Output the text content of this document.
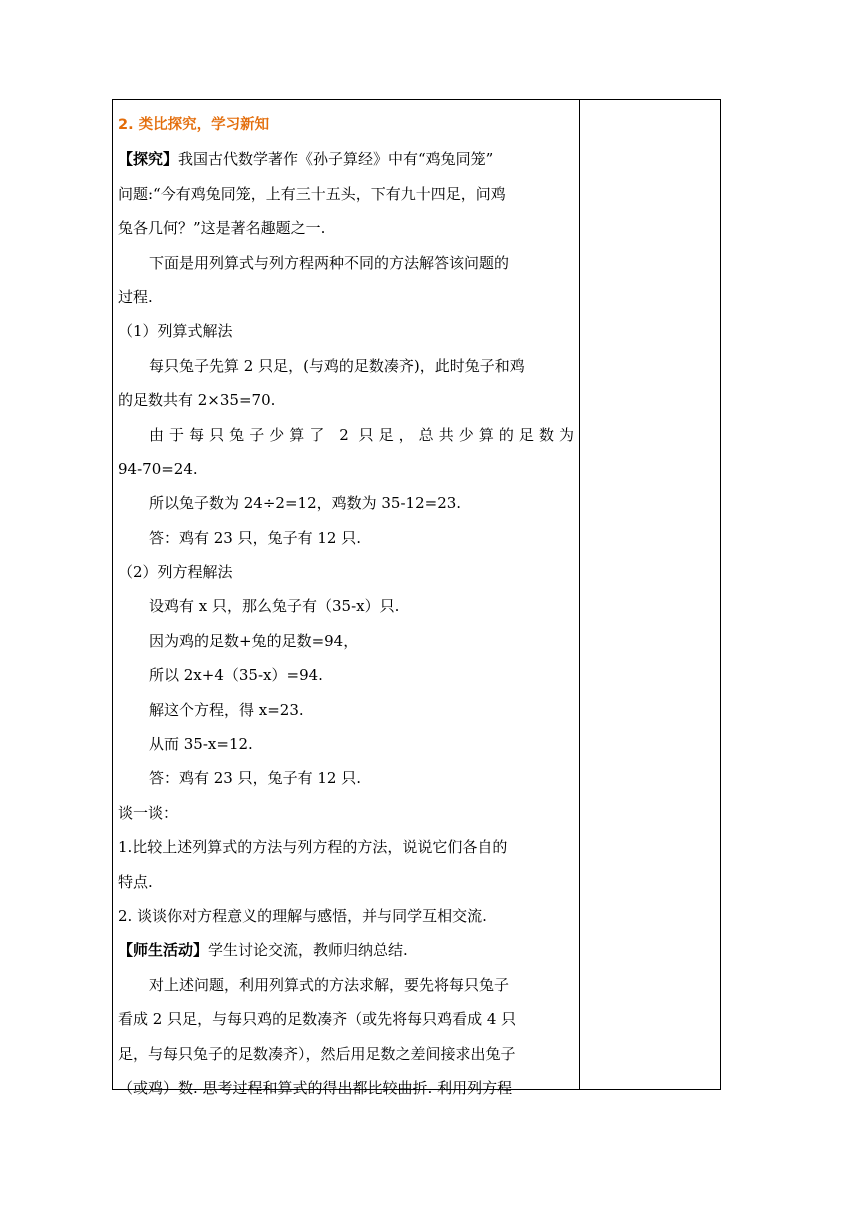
2. 类比探究，学习新知
【探究】我国古代数学著作《孙子算经》中有“鸡兔同笼”
问题:“今有鸡兔同笼，上有三十五头，下有九十四足，问鸡
兔各几何？”这是著名趣题之一.
下面是用列算式与列方程两种不同的方法解答该问题的
过程.
（1）列算式解法
每只兔子先算 2 只足，(与鸡的足数凑齐)，此时兔子和鸡
的足数共有 2×35=70.
由于每只兔子少算了 2 只足，总共少算的足数为
94-70=24.
所以兔子数为 24÷2=12，鸡数为 35-12=23.
答：鸡有 23 只，兔子有 12 只.
（2）列方程解法
设鸡有 x 只，那么兔子有（35-x）只.
因为鸡的足数+兔的足数=94，
所以 2x+4（35-x）=94.
解这个方程，得 x=23.
从而 35-x=12.
答：鸡有 23 只，兔子有 12 只.
谈一谈：
1.比较上述列算式的方法与列方程的方法，说说它们各自的
特点.
2. 谈谈你对方程意义的理解与感悟，并与同学互相交流.
【师生活动】学生讨论交流，教师归纳总结.
对上述问题，利用列算式的方法求解，要先将每只兔子
看成 2 只足，与每只鸡的足数凑齐（或先将每只鸡看成 4 只
足，与每只兔子的足数凑齐），然后用足数之差间接求出兔子
（或鸡）数. 思考过程和算式的得出都比较曲折. 利用列方程
